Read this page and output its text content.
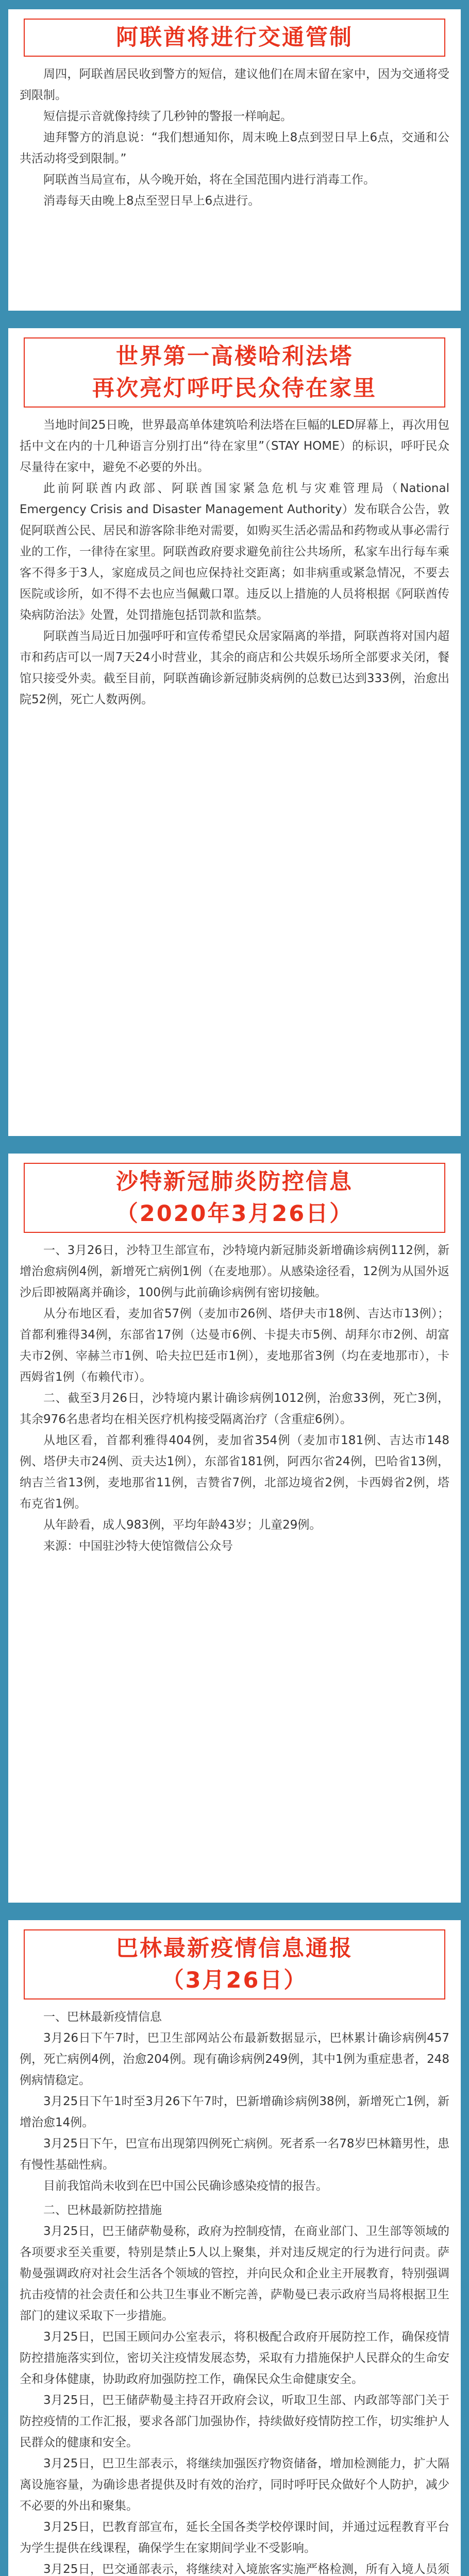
阿联酋将进行交通管制

周四，阿联酋居民收到警方的短信，建议他们在周末留在家中，因为交通将受到限制。

短信提示音就像持续了几秒钟的警报一样响起。

迪拜警方的消息说：“我们想通知你，周末晚上8点到翌日早上6点，交通和公共活动将受到限制。”

阿联酋当局宣布，从今晚开始，将在全国范围内进行消毒工作。

消毒每天由晚上8点至翌日早上6点进行。

世界第一高楼哈利法塔
再次亮灯呼吁民众待在家里

当地时间25日晚，世界最高单体建筑哈利法塔在巨幅的LED屏幕上，再次用包括中文在内的十几种语言分别打出“待在家里”（STAY HOME）的标识，呼吁民众尽量待在家中，避免不必要的外出。

此前阿联酋内政部、阿联酋国家紧急危机与灾难管理局（National Emergency Crisis and Disaster Management Authority）发布联合公告，敦促阿联酋公民、居民和游客除非绝对需要，如购买生活必需品和药物或从事必需行业的工作，一律待在家里。阿联酋政府要求避免前往公共场所，私家车出行每车乘客不得多于3人，家庭成员之间也应保持社交距离；如非病重或紧急情况，不要去医院或诊所，如不得不去也应当佩戴口罩。违反以上措施的人员将根据《阿联酋传染病防治法》处置，处罚措施包括罚款和监禁。

阿联酋当局近日加强呼吁和宣传希望民众居家隔离的举措，阿联酋将对国内超市和药店可以一周7天24小时营业，其余的商店和公共娱乐场所全部要求关闭，餐馆只接受外卖。截至目前，阿联酋确诊新冠肺炎病例的总数已达到333例，治愈出院52例，死亡人数两例。

沙特新冠肺炎防控信息
（2020年3月26日）

一、3月26日，沙特卫生部宣布，沙特境内新冠肺炎新增确诊病例112例，新增治愈病例4例，新增死亡病例1例（在麦地那）。从感染途径看，12例为从国外返沙后即被隔离并确诊，100例与此前确诊病例有密切接触。

从分布地区看，麦加省57例（麦加市26例、塔伊夫市18例、吉达市13例）；首都利雅得34例，东部省17例（达曼市6例、卡提夫市5例、胡拜尔市2例、胡富夫市2例、宰赫兰市1例、哈夫拉巴廷市1例），麦地那省3例（均在麦地那市），卡西姆省1例（布赖代市）。

二、截至3月26日，沙特境内累计确诊病例1012例，治愈33例，死亡3例，其余976名患者均在相关医疗机构接受隔离治疗（含重症6例）。

从地区看，首都利雅得404例，麦加省354例（麦加市181例、吉达市148例、塔伊夫市24例、贡夫达1例），东部省181例，阿西尔省24例，巴哈省13例，纳吉兰省13例，麦地那省11例，吉赞省7例，北部边境省2例，卡西姆省2例，塔布克省1例。

从年龄看，成人983例，平均年龄43岁；儿童29例。

来源：中国驻沙特大使馆微信公众号

巴林最新疫情信息通报
（3月26日）

一、巴林最新疫情信息

3月26日下午7时，巴卫生部网站公布最新数据显示，巴林累计确诊病例457例，死亡病例4例，治愈204例。现有确诊病例249例，其中1例为重症患者，248例病情稳定。

3月25日下午1时至3月26下午7时，巴新增确诊病例38例，新增死亡1例，新增治愈14例。

3月25日下午，巴宣布出现第四例死亡病例。死者系一名78岁巴林籍男性，患有慢性基础性病。

目前我馆尚未收到在巴中国公民确诊感染疫情的报告。

二、巴林最新防控措施

3月25日，巴王储萨勒曼称，政府为控制疫情，在商业部门、卫生部等领域的各项要求至关重要，特别是禁止5人以上聚集，并对违反规定的行为进行问责。萨勒曼强调政府对社会生活各个领域的管控，并向民众和企业主开展教育，特别强调抗击疫情的社会责任和公共卫生事业不断完善，萨勒曼已表示政府当局将根据卫生部门的建议采取下一步措施。

3月25日，巴国王顾问办公室表示，将积极配合政府开展防控工作，确保疫情防控措施落实到位，密切关注疫情发展态势，采取有力措施保护人民群众的生命安全和身体健康，协助政府加强防控工作，确保民众生命健康安全。

3月25日，巴王储萨勒曼主持召开政府会议，听取卫生部、内政部等部门关于防控疫情的工作汇报，要求各部门加强协作，持续做好疫情防控工作，切实维护人民群众的健康和安全。

3月25日，巴卫生部表示，将继续加强医疗物资储备，增加检测能力，扩大隔离设施容量，为确诊患者提供及时有效的治疗，同时呼吁民众做好个人防护，减少不必要的外出和聚集。

3月25日，巴教育部宣布，延长全国各类学校停课时间，并通过远程教育平台为学生提供在线课程，确保学生在家期间学业不受影响。

3月25日，巴交通部表示，将继续对入境旅客实施严格检测，所有入境人员须
